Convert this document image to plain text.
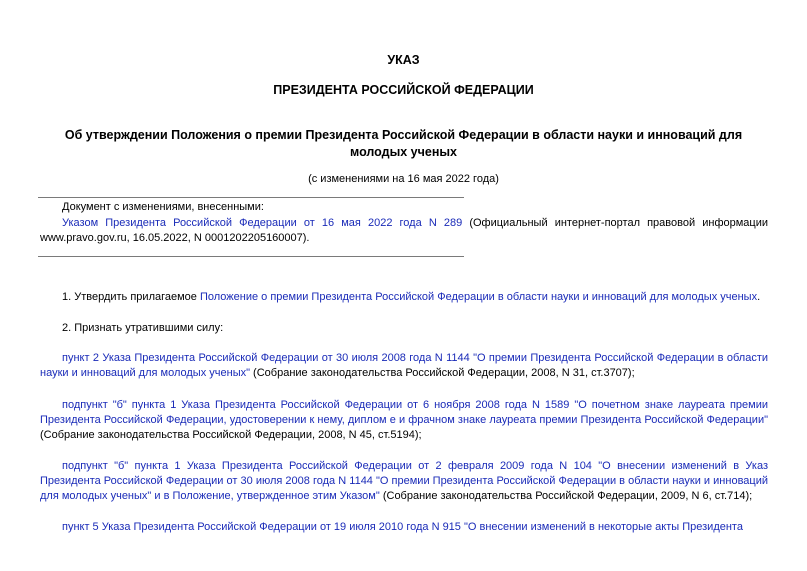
УКАЗ
ПРЕЗИДЕНТА РОССИЙСКОЙ ФЕДЕРАЦИИ
Об утверждении Положения о премии Президента Российской Федерации в области науки и инноваций для молодых ученых
(с изменениями на 16 мая 2022 года)
Документ с изменениями, внесенными:
Указом Президента Российской Федерации от 16 мая 2022 года N 289 (Официальный интернет-портал правовой информации www.pravo.gov.ru, 16.05.2022, N 0001202205160007).
1. Утвердить прилагаемое Положение о премии Президента Российской Федерации в области науки и инноваций для молодых ученых.
2. Признать утратившими силу:
пункт 2 Указа Президента Российской Федерации от 30 июля 2008 года N 1144 "О премии Президента Российской Федерации в области науки и инноваций для молодых ученых" (Собрание законодательства Российской Федерации, 2008, N 31, ст.3707);
подпункт "б" пункта 1 Указа Президента Российской Федерации от 6 ноября 2008 года N 1589 "О почетном знаке лауреата премии Президента Российской Федерации, удостоверении к нему, диплом е и фрачном знаке лауреата премии Президента Российской Федерации" (Собрание законодательства Российской Федерации, 2008, N 45, ст.5194);
подпункт "б" пункта 1 Указа Президента Российской Федерации от 2 февраля 2009 года N 104 "О внесении изменений в Указ Президента Российской Федерации от 30 июля 2008 года N 1144 "О премии Президента Российской Федерации в области науки и инноваций для молодых ученых" и в Положение, утвержденное этим Указом" (Собрание законодательства Российской Федерации, 2009, N 6, ст.714);
пункт 5 Указа Президента Российской Федерации от 19 июля 2010 года N 915 "О внесении изменений в некоторые акты Президента
